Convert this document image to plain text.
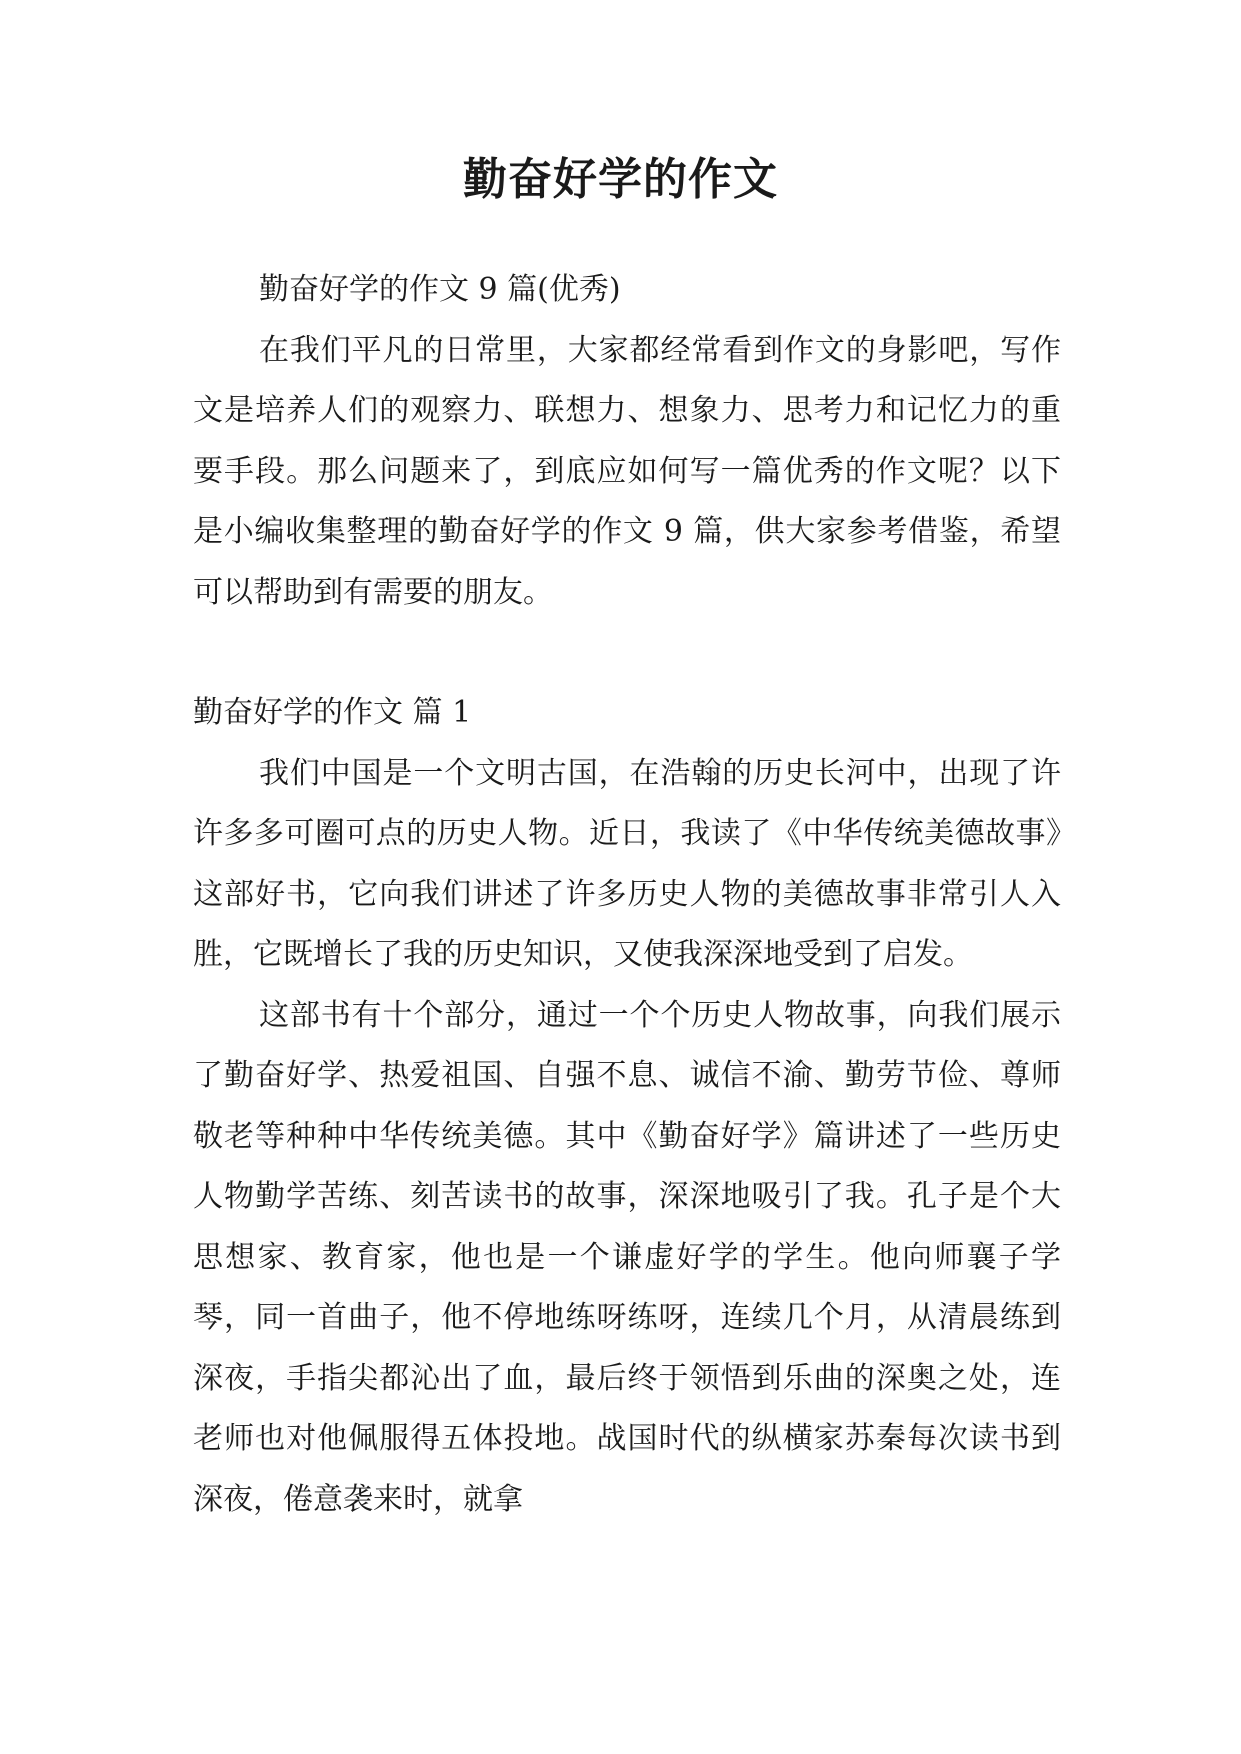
勤奋好学的作文

勤奋好学的作文 9 篇(优秀)

在我们平凡的日常里，大家都经常看到作文的身影吧，写作文是培养人们的观察力、联想力、想象力、思考力和记忆力的重要手段。那么问题来了，到底应如何写一篇优秀的作文呢？以下是小编收集整理的勤奋好学的作文 9 篇，供大家参考借鉴，希望可以帮助到有需要的朋友。

勤奋好学的作文 篇 1

我们中国是一个文明古国，在浩翰的历史长河中，出现了许许多多可圈可点的历史人物。近日，我读了《中华传统美德故事》这部好书，它向我们讲述了许多历史人物的美德故事非常引人入胜，它既增长了我的历史知识，又使我深深地受到了启发。

这部书有十个部分，通过一个个历史人物故事，向我们展示了勤奋好学、热爱祖国、自强不息、诚信不渝、勤劳节俭、尊师敬老等种种中华传统美德。其中《勤奋好学》篇讲述了一些历史人物勤学苦练、刻苦读书的故事，深深地吸引了我。孔子是个大思想家、教育家，他也是一个谦虚好学的学生。他向师襄子学琴，同一首曲子，他不停地练呀练呀，连续几个月，从清晨练到深夜，手指尖都沁出了血，最后终于领悟到乐曲的深奥之处，连老师也对他佩服得五体投地。战国时代的纵横家苏秦每次读书到深夜，倦意袭来时，就拿
